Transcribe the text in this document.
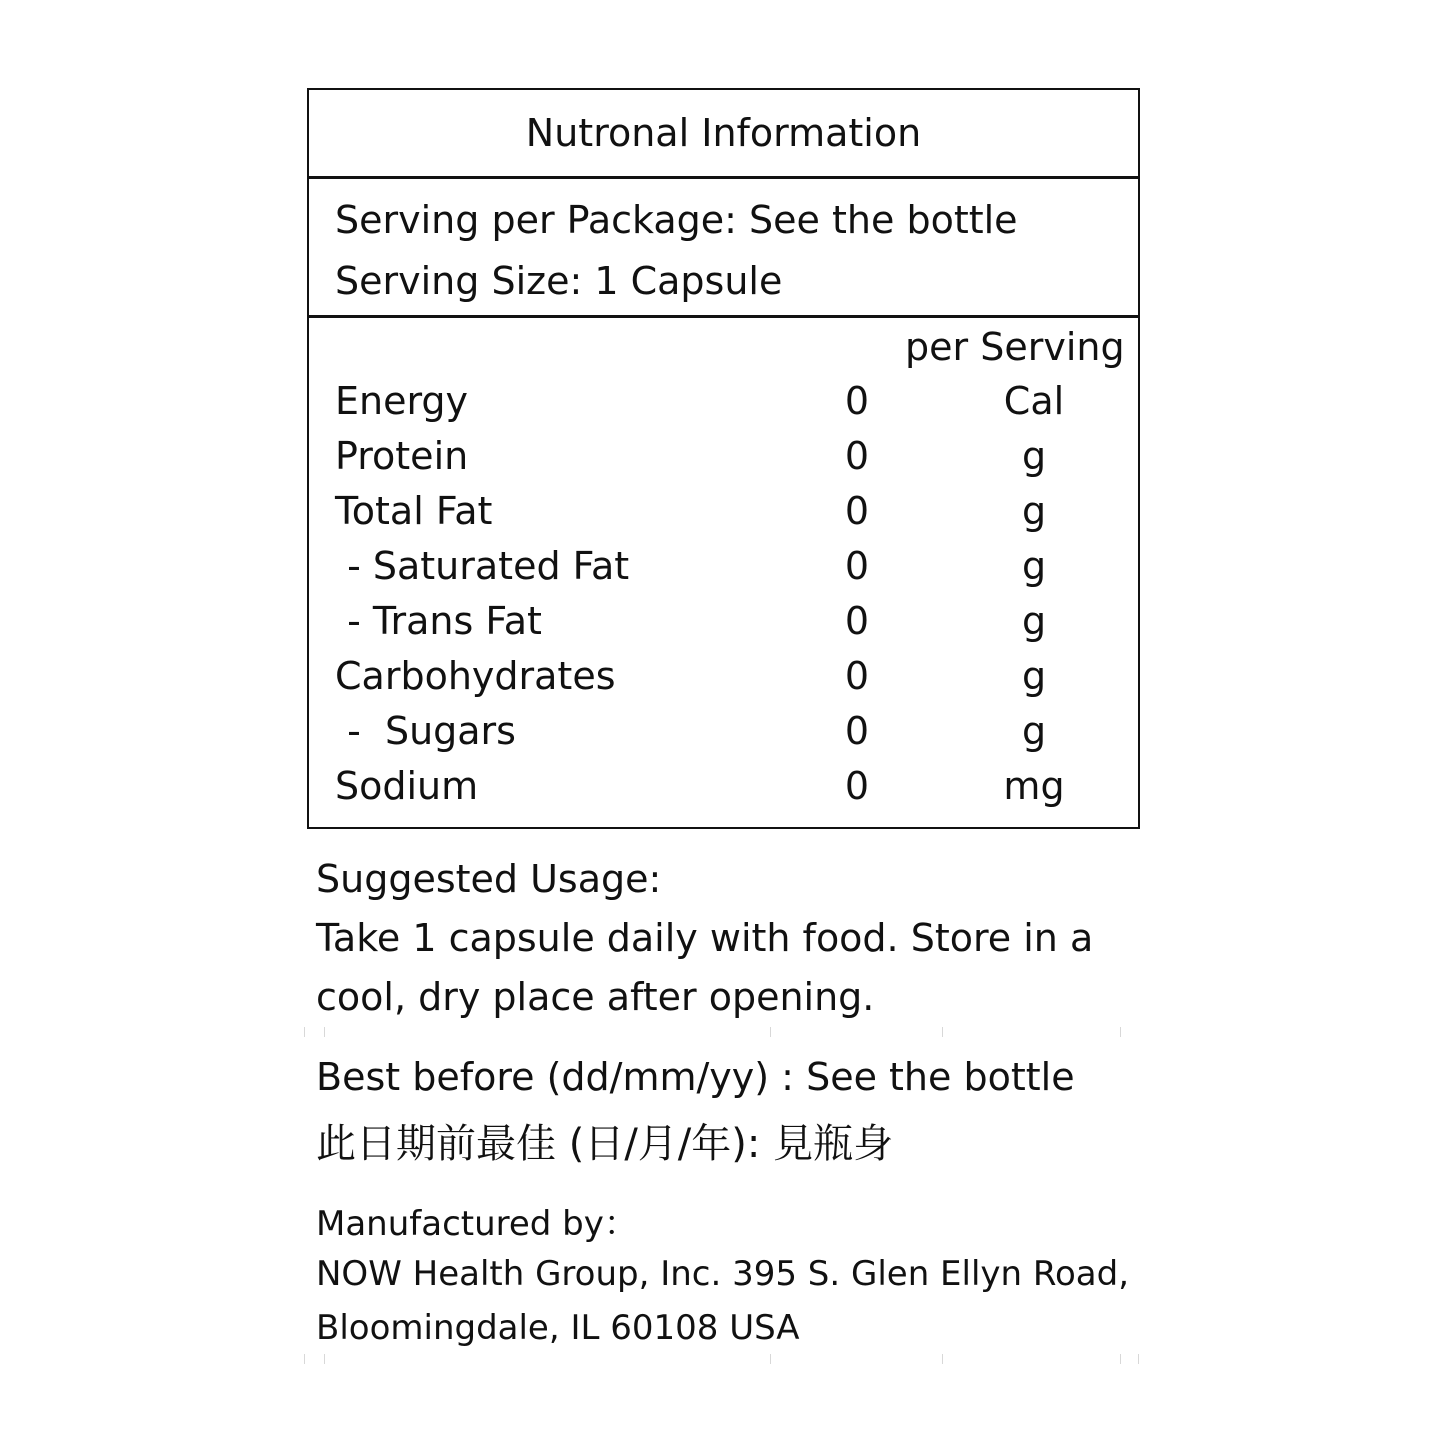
Nutronal Information
Serving per Package: See the bottle
Serving Size: 1 Capsule
per Serving
Energy	0	Cal
Protein	0	g
Total Fat	0	g
- Saturated Fat	0	g
- Trans Fat	0	g
Carbohydrates	0	g
-  Sugars	0	g
Sodium	0	mg
Suggested Usage:
Take 1 capsule daily with food. Store in a
cool, dry place after opening.
Best before (dd/mm/yy) : See the bottle
此日期前最佳 (日/月/年): 見瓶身
Manufactured by：
NOW Health Group, Inc. 395 S. Glen Ellyn Road,
Bloomingdale, IL 60108 USA
